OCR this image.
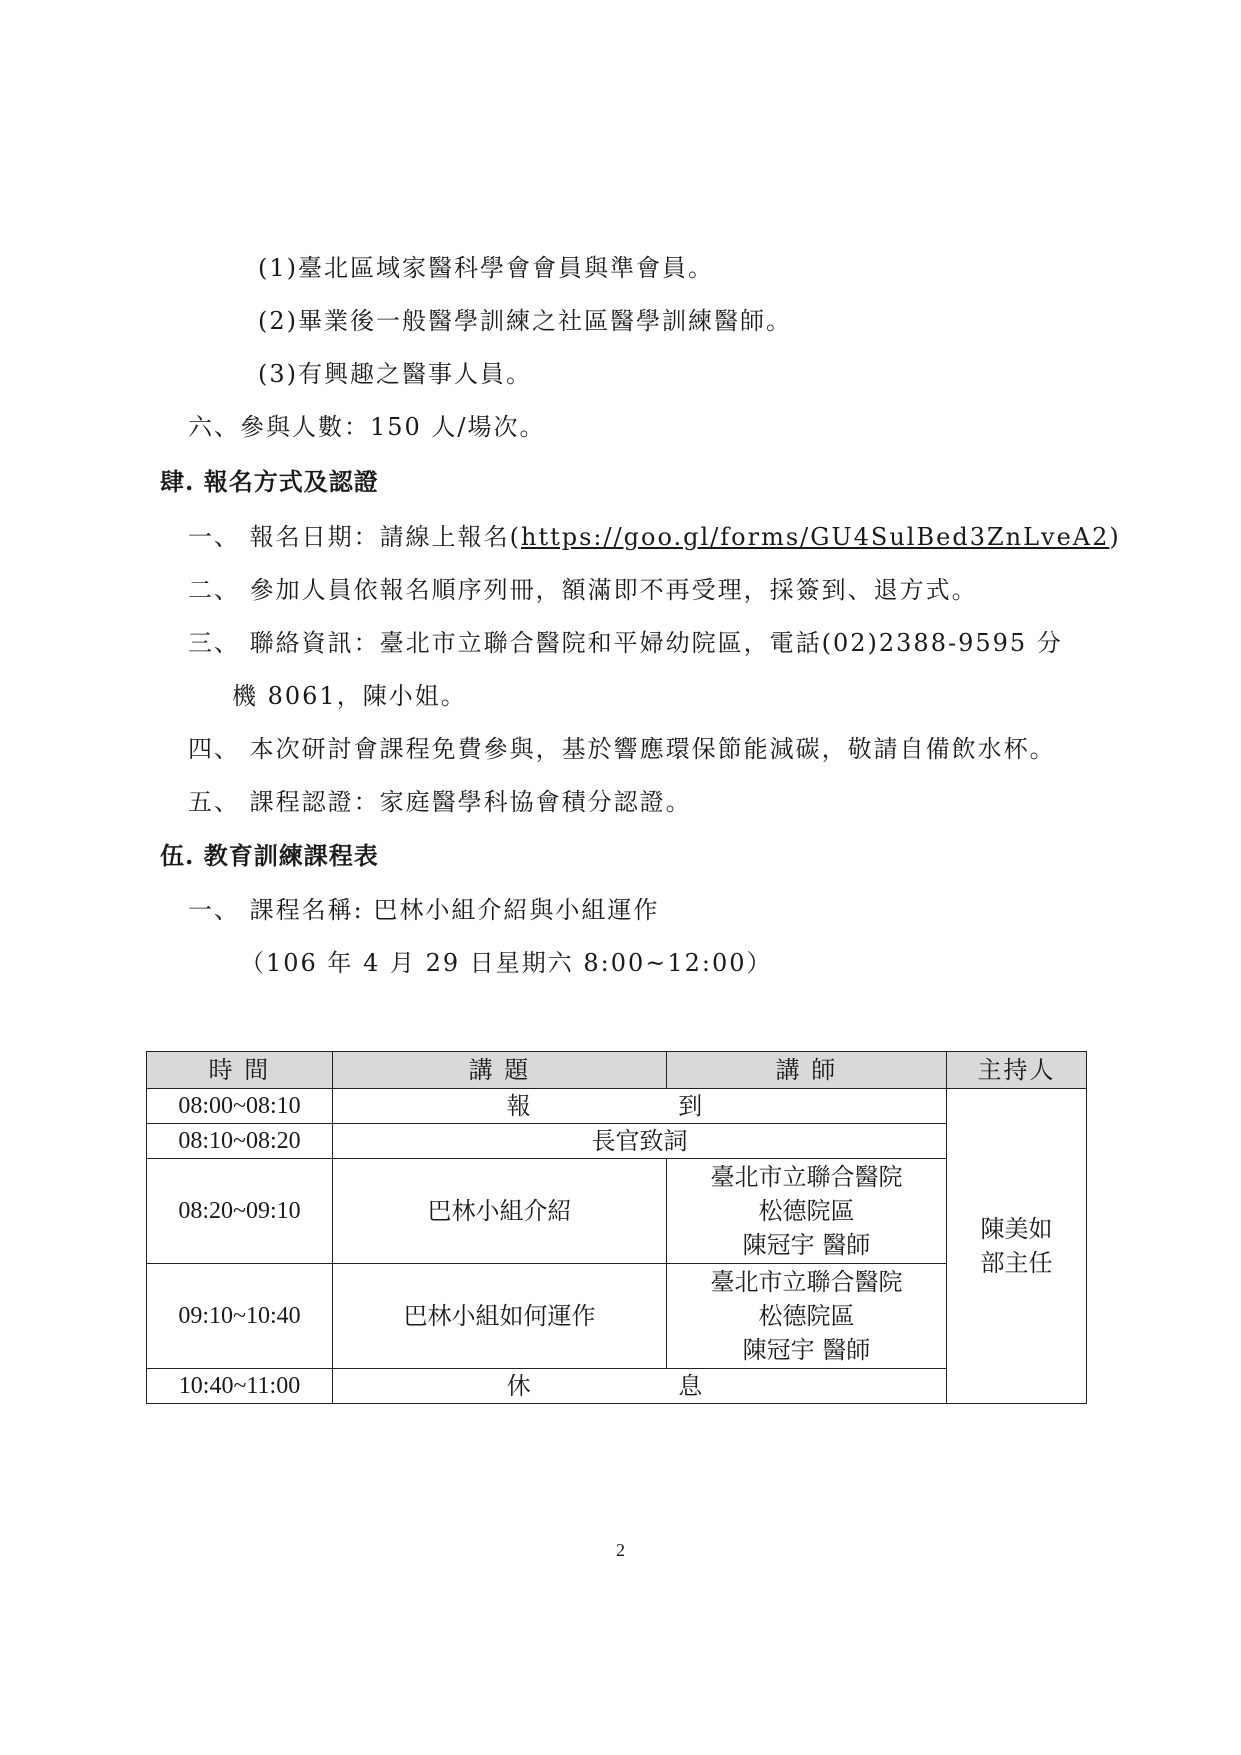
(1)臺北區域家醫科學會會員與準會員。
(2)畢業後一般醫學訓練之社區醫學訓練醫師。
(3)有興趣之醫事人員。
六、參與人數：150 人/場次。
肆. 報名方式及認證
一、 報名日期：請線上報名(https://goo.gl/forms/GU4SulBed3ZnLveA2)
二、 參加人員依報名順序列冊，額滿即不再受理，採簽到、退方式。
三、 聯絡資訊：臺北市立聯合醫院和平婦幼院區，電話(02)2388-9595 分
機 8061，陳小姐。
四、 本次研討會課程免費參與，基於響應環保節能減碳，敬請自備飲水杯。
五、 課程認證：家庭醫學科協會積分認證。
伍. 教育訓練課程表
一、 課程名稱: 巴林小組介紹與小組運作
（106 年 4 月 29 日星期六 8:00~12:00）
時 間	講 題	講 師	主持人
08:00~08:10	報 到		陳美如
部主任

08:10~08:20	長官致詞		
08:20~09:10	巴林小組介紹	臺北市立聯合醫院
松德院區
陳冠宇 醫師	

09:10~10:40	巴林小組如何運作	臺北市立聯合醫院
松德院區
陳冠宇 醫師	

10:40~11:00	休 息		
2
